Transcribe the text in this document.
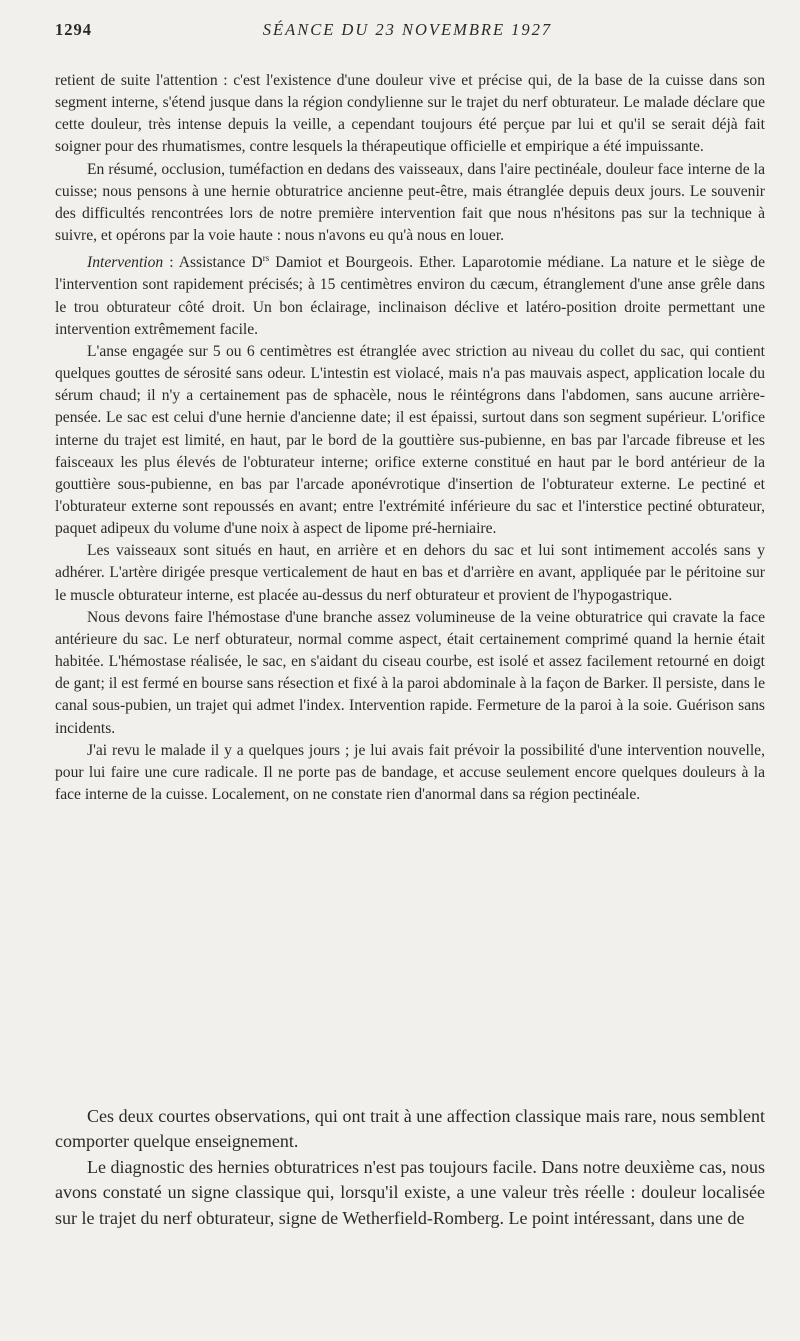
1294	SÉANCE DU 23 NOVEMBRE 1927

retient de suite l'attention : c'est l'existence d'une douleur vive et précise qui, de la base de la cuisse dans son segment interne, s'étend jusque dans la région condylienne sur le trajet du nerf obturateur. Le malade déclare que cette douleur, très intense depuis la veille, a cependant toujours été perçue par lui et qu'il se serait déjà fait soigner pour des rhumatismes, contre lesquels la thérapeutique officielle et empirique a été impuissante.

En résumé, occlusion, tuméfaction en dedans des vaisseaux, dans l'aire pectinéale, douleur face interne de la cuisse; nous pensons à une hernie obturatrice ancienne peut-être, mais étranglée depuis deux jours. Le souvenir des difficultés rencontrées lors de notre première intervention fait que nous n'hésitons pas sur la technique à suivre, et opérons par la voie haute : nous n'avons eu qu'à nous en louer.

Intervention : Assistance $D^{rs}$ Damiot et Bourgeois. Ether. Laparotomie médiane. La nature et le siège de l'intervention sont rapidement précisés; à 15 centimètres environ du cæcum, étranglement d'une anse grêle dans le trou obturateur côté droit. Un bon éclairage, inclinaison déclive et latéro-position droite permettant une intervention extrêmement facile.

L'anse engagée sur 5 ou 6 centimètres est étranglée avec striction au niveau du collet du sac, qui contient quelques gouttes de sérosité sans odeur. L'intestin est violacé, mais n'a pas mauvais aspect, application locale du sérum chaud; il n'y a certainement pas de sphacèle, nous le réintégrons dans l'abdomen, sans aucune arrière-pensée. Le sac est celui d'une hernie d'ancienne date; il est épaissi, surtout dans son segment supérieur. L'orifice interne du trajet est limité, en haut, par le bord de la gouttière sus-pubienne, en bas par l'arcade fibreuse et les faisceaux les plus élevés de l'obturateur interne; orifice externe constitué en haut par le bord antérieur de la gouttière sous-pubienne, en bas par l'arcade aponévrotique d'insertion de l'obturateur externe. Le pectiné et l'obturateur externe sont repoussés en avant; entre l'extrémité inférieure du sac et l'interstice pectiné obturateur, paquet adipeux du volume d'une noix à aspect de lipome pré-herniaire.

Les vaisseaux sont situés en haut, en arrière et en dehors du sac et lui sont intimement accolés sans y adhérer. L'artère dirigée presque verticalement de haut en bas et d'arrière en avant, appliquée par le péritoine sur le muscle obturateur interne, est placée au-dessus du nerf obturateur et provient de l'hypogastrique.

Nous devons faire l'hémostase d'une branche assez volumineuse de la veine obturatrice qui cravate la face antérieure du sac. Le nerf obturateur, normal comme aspect, était certainement comprimé quand la hernie était habitée. L'hémostase réalisée, le sac, en s'aidant du ciseau courbe, est isolé et assez facilement retourné en doigt de gant; il est fermé en bourse sans résection et fixé à la paroi abdominale à la façon de Barker. Il persiste, dans le canal sous-pubien, un trajet qui admet l'index. Intervention rapide. Fermeture de la paroi à la soie. Guérison sans incidents.

J'ai revu le malade il y a quelques jours ; je lui avais fait prévoir la possibilité d'une intervention nouvelle, pour lui faire une cure radicale. Il ne porte pas de bandage, et accuse seulement encore quelques douleurs à la face interne de la cuisse. Localement, on ne constate rien d'anormal dans sa région pectinéale.

Ces deux courtes observations, qui ont trait à une affection classique mais rare, nous semblent comporter quelque enseignement.

Le diagnostic des hernies obturatrices n'est pas toujours facile. Dans notre deuxième cas, nous avons constaté un signe classique qui, lorsqu'il existe, a une valeur très réelle : douleur localisée sur le trajet du nerf obturateur, signe de Wetherfield-Romberg. Le point intéressant, dans une de
